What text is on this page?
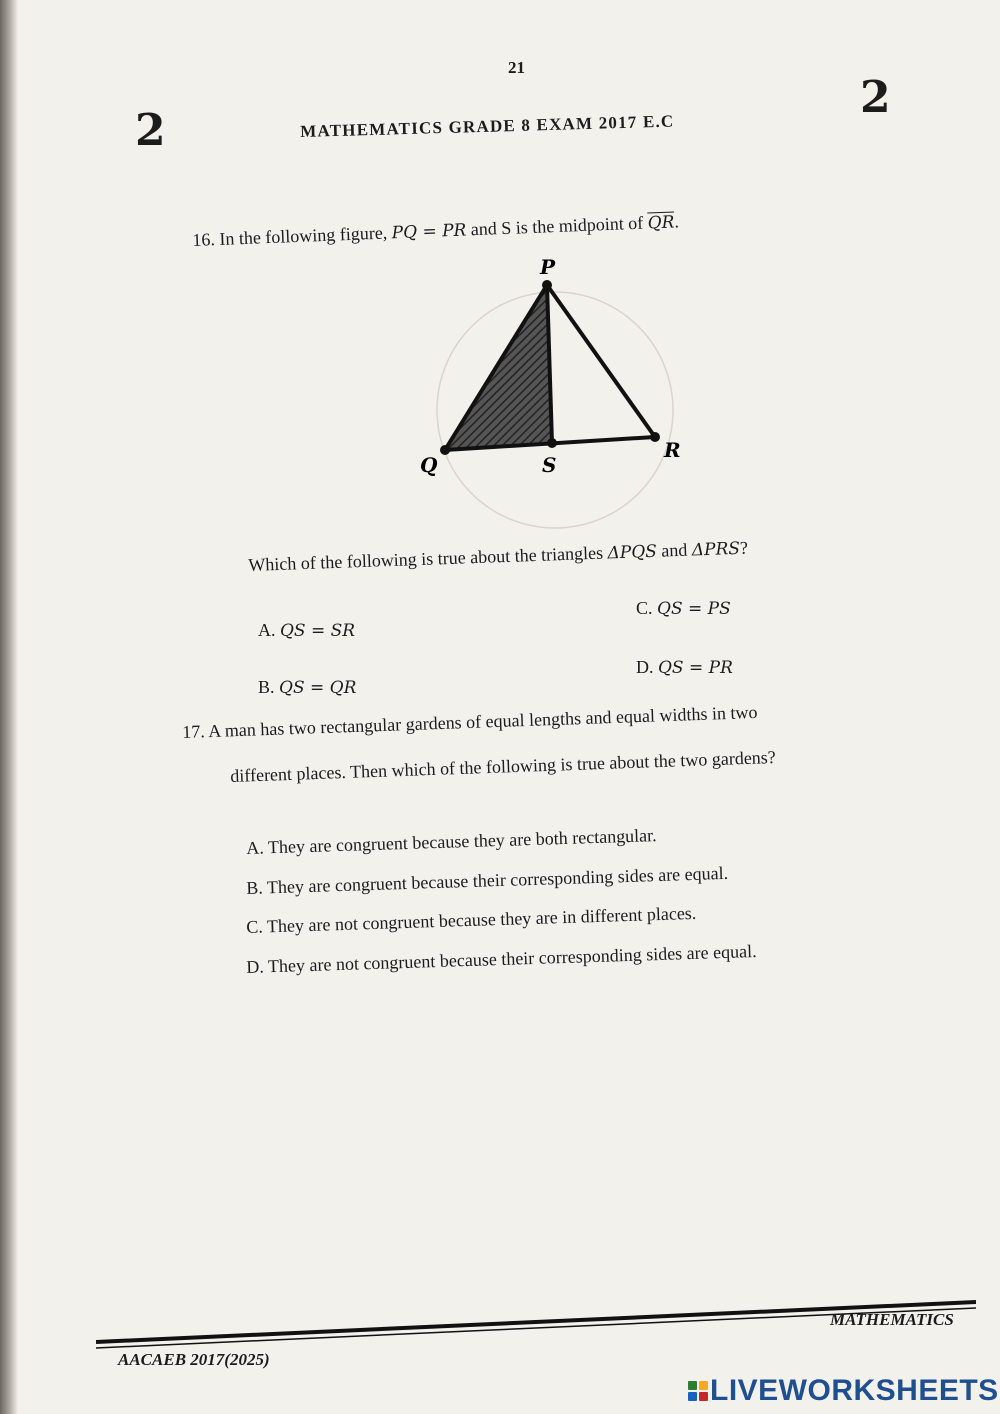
21
2
2
MATHEMATICS GRADE 8 EXAM 2017 E.C
16. In the following figure, PQ = PR and S is the midpoint of $\overline{QR}$.
P
Q
R
S
Which of the following is true about the triangles ΔPQS and ΔPRS?
A. QS = SR
B. QS = QR
C. QS = PS
D. QS = PR
17. A man has two rectangular gardens of equal lengths and equal widths in two
different places. Then which of the following is true about the two gardens?
A. They are congruent because they are both rectangular.
B. They are congruent because their corresponding sides are equal.
C. They are not congruent because they are in different places.
D. They are not congruent because their corresponding sides are equal.
MATHEMATICS
AACAEB 2017(2025)
LIVEWORKSHEETS
